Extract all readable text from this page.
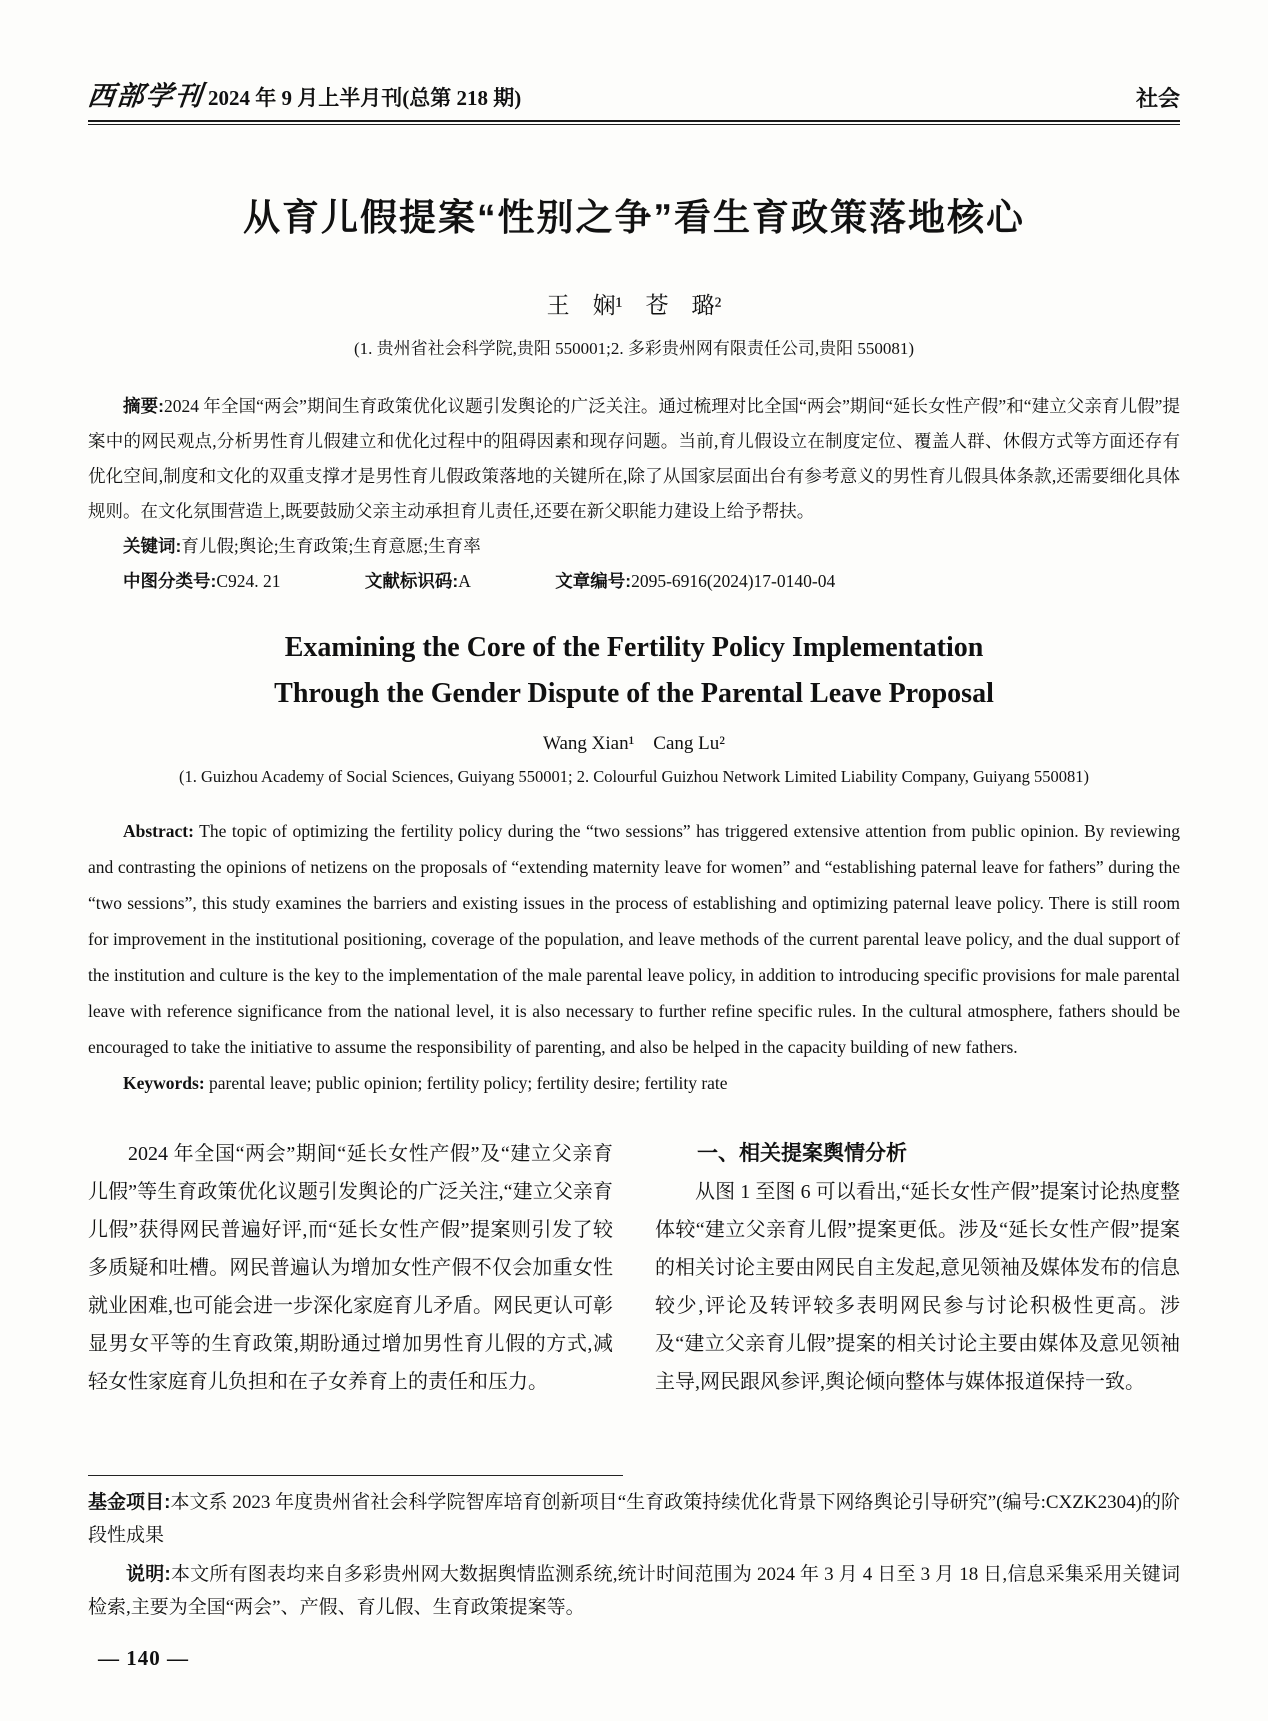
西部学刊 2024 年 9 月上半月刊(总第 218 期)	社会
从育儿假提案“性别之争”看生育政策落地核心
王　娴¹　苍　璐²
(1. 贵州省社会科学院,贵阳 550001;2. 多彩贵州网有限责任公司,贵阳 550081)

摘要:2024 年全国“两会”期间生育政策优化议题引发舆论的广泛关注。通过梳理对比全国“两会”期间“延长女性产假”和“建立父亲育儿假”提案中的网民观点,分析男性育儿假建立和优化过程中的阻碍因素和现存问题。当前,育儿假设立在制度定位、覆盖人群、休假方式等方面还存有优化空间,制度和文化的双重支撑才是男性育儿假政策落地的关键所在,除了从国家层面出台有参考意义的男性育儿假具体条款,还需要细化具体规则。在文化氛围营造上,既要鼓励父亲主动承担育儿责任,还要在新父职能力建设上给予帮扶。

关键词:育儿假;舆论;生育政策;生育意愿;生育率

中图分类号:C924. 21	文献标识码:A	文章编号:2095-6916(2024)17-0140-04

Examining the Core of the Fertility Policy Implementation
Through the Gender Dispute of the Parental Leave Proposal
Wang Xian¹    Cang Lu²
(1. Guizhou Academy of Social Sciences, Guiyang 550001; 2. Colourful Guizhou Network Limited Liability Company, Guiyang 550081)

Abstract: The topic of optimizing the fertility policy during the “two sessions” has triggered extensive attention from public opinion. By reviewing and contrasting the opinions of netizens on the proposals of “extending maternity leave for women” and “establishing paternal leave for fathers” during the “two sessions”, this study examines the barriers and existing issues in the process of establishing and optimizing paternal leave policy. There is still room for improvement in the institutional positioning, coverage of the population, and leave methods of the current parental leave policy, and the dual support of the institution and culture is the key to the implementation of the male parental leave policy, in addition to introducing specific provisions for male parental leave with reference significance from the national level, it is also necessary to further refine specific rules. In the cultural atmosphere, fathers should be encouraged to take the initiative to assume the responsibility of parenting, and also be helped in the capacity building of new fathers.

Keywords: parental leave; public opinion; fertility policy; fertility desire; fertility rate

2024 年全国“两会”期间“延长女性产假”及“建立父亲育儿假”等生育政策优化议题引发舆论的广泛关注,“建立父亲育儿假”获得网民普遍好评,而“延长女性产假”提案则引发了较多质疑和吐槽。网民普遍认为增加女性产假不仅会加重女性就业困难,也可能会进一步深化家庭育儿矛盾。网民更认可彰显男女平等的生育政策,期盼通过增加男性育儿假的方式,减轻女性家庭育儿负担和在子女养育上的责任和压力。

一、相关提案舆情分析

从图 1 至图 6 可以看出,“延长女性产假”提案讨论热度整体较“建立父亲育儿假”提案更低。涉及“延长女性产假”提案的相关讨论主要由网民自主发起,意见领袖及媒体发布的信息较少,评论及转评较多表明网民参与讨论积极性更高。涉及“建立父亲育儿假”提案的相关讨论主要由媒体及意见领袖主导,网民跟风参评,舆论倾向整体与媒体报道保持一致。

基金项目:本文系 2023 年度贵州省社会科学院智库培育创新项目“生育政策持续优化背景下网络舆论引导研究”(编号:CXZK2304)的阶段性成果

说明:本文所有图表均来自多彩贵州网大数据舆情监测系统,统计时间范围为 2024 年 3 月 4 日至 3 月 18 日,信息采集采用关键词检索,主要为全国“两会”、产假、育儿假、生育政策提案等。

— 140 —
